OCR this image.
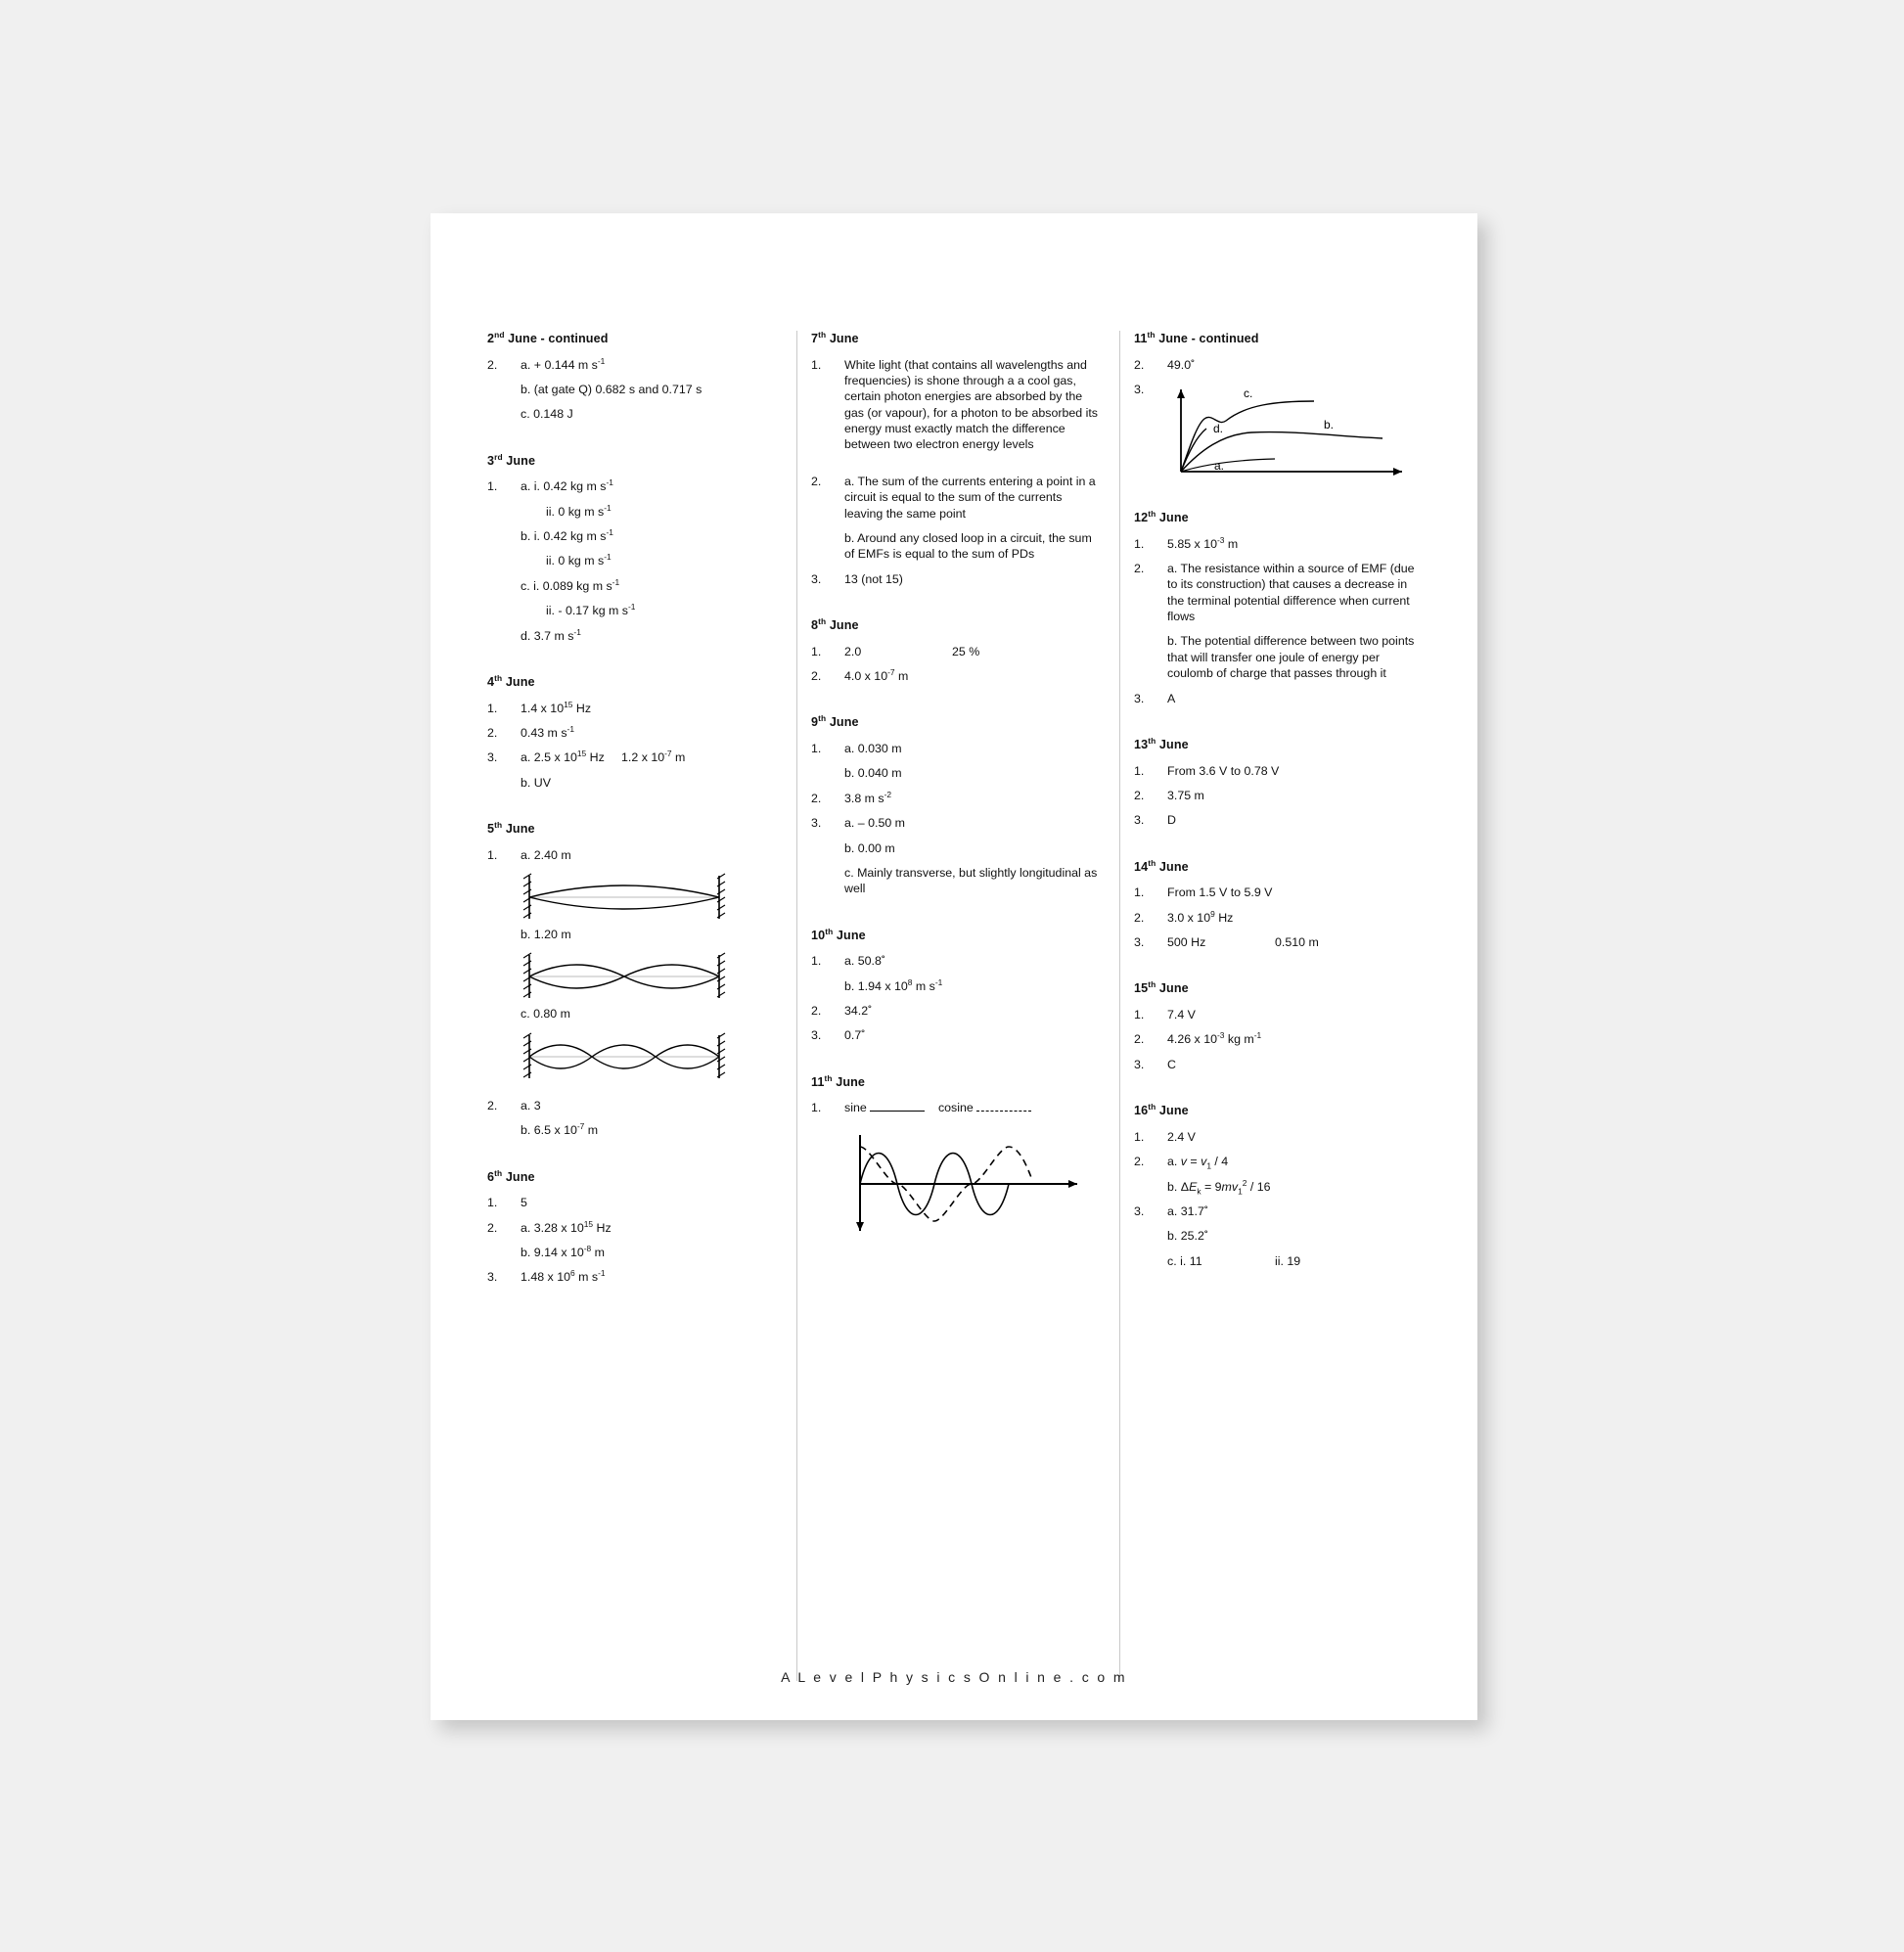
2nd June - continued
2.	a. + 0.144 m $s^{-1}$
b. (at gate Q) 0.682 s and 0.717 s
c. 0.148 J
3rd June
1.	a. i. 0.42 kg m $s^{-1}$
ii. 0 kg m $s^{-1}$
b. i. 0.42 kg m $s^{-1}$
ii. 0 kg m $s^{-1}$
c. i. 0.089 kg m $s^{-1}$
ii. - 0.17 kg m $s^{-1}$
d. 3.7 m $s^{-1}$
4th June
1.	1.4 x $10^{15}$ Hz
2.	0.43 m $s^{-1}$
3.	a. 2.5 x $10^{15}$ Hz 1.2 x $10^{-7}$ m
b. UV
5th June
1.	a. 2.40 m
b. 1.20 m
c. 0.80 m
2.	a. 3
b. 6.5 x $10^{-7}$ m
6th June
1.	5
2.	a. 3.28 x $10^{15}$ Hz
b. 9.14 x $10^{-8}$ m
3.	1.48 x $10^6$ m $s^{-1}$
7th June
1.	White light (that contains all wavelengths and frequencies) is shone through a a cool gas, certain photon energies are absorbed by the gas (or vapour), for a photon to be absorbed its energy must exactly match the difference between two electron energy levels
2.	a. The sum of the currents entering a point in a circuit is equal to the sum of the currents leaving the same point
b. Around any closed loop in a circuit, the sum of EMFs is equal to the sum of PDs
3.	13 (not 15)
8th June
1.	2.0	25 %
2.	4.0 x $10^{-7}$ m
9th June
1.	a. 0.030 m
b. 0.040 m
2.	3.8 m $s^{-2}$
3.	a. – 0.50 m
b. 0.00 m
c. Mainly transverse, but slightly longitudinal as well
10th June
1.	a. 50.8˚
b. 1.94 x $10^8$ m $s^{-1}$
2.	34.2˚
3.	0.7˚
11th June
1.	sine	cosine
11th June - continued
2.	49.0˚
3.	c.
d.	b.
a.
12th June
1.	5.85 x $10^{-3}$ m
2.	a. The resistance within a source of EMF (due to its construction) that causes a decrease in the terminal potential difference when current flows
b. The potential difference between two points that will transfer one joule of energy per coulomb of charge that passes through it
3.	A
13th June
1.	From 3.6 V to 0.78 V
2.	3.75 m
3.	D
14th June
1.	From 1.5 V to 5.9 V
2.	3.0 x $10^9$ Hz
3.	500 Hz	0.510 m
15th June
1.	7.4 V
2.	4.26 x $10^{-3}$ kg $m^{-1}$
3.	C
16th June
1.	2.4 V
2.	a. $v = v_1 / 4$
b. $\Delta E_k = 9mv_1^2 / 16$
3.	a. 31.7˚
b. 25.2˚
c. i. 11	ii. 19
A L e v e l P h y s i c s O n l i n e . c o m
